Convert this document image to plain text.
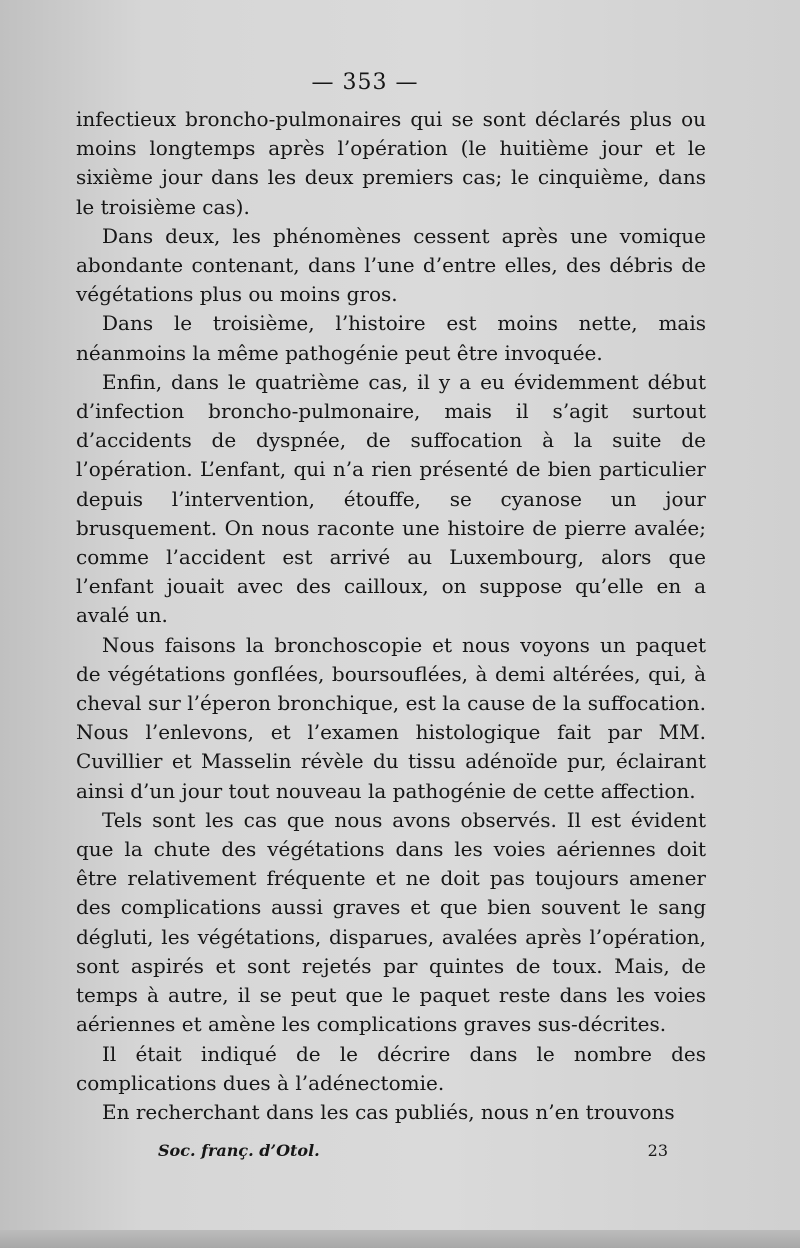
— 353 —

infectieux broncho-pulmonaires qui se sont déclarés plus ou moins longtemps après l’opération (le huitième jour et le sixième jour dans les deux premiers cas; le cinquième, dans le troisième cas).

Dans deux, les phénomènes cessent après une vomique abondante contenant, dans l’une d’entre elles, des débris de végétations plus ou moins gros.

Dans le troisième, l’histoire est moins nette, mais néanmoins la même pathogénie peut être invoquée.

Enfin, dans le quatrième cas, il y a eu évidemment début d’infection broncho-pulmonaire, mais il s’agit surtout d’accidents de dyspnée, de suffocation à la suite de l’opération. L’enfant, qui n’a rien présenté de bien particulier depuis l’intervention, étouffe, se cyanose un jour brusquement. On nous raconte une histoire de pierre avalée; comme l’accident est arrivé au Luxembourg, alors que l’enfant jouait avec des cailloux, on suppose qu’elle en a avalé un.

Nous faisons la bronchoscopie et nous voyons un paquet de végétations gonflées, boursouflées, à demi altérées, qui, à cheval sur l’éperon bronchique, est la cause de la suffocation. Nous l’enlevons, et l’examen histologique fait par MM. Cuvillier et Masselin révèle du tissu adénoïde pur, éclairant ainsi d’un jour tout nouveau la pathogénie de cette affection.

Tels sont les cas que nous avons observés. Il est évident que la chute des végétations dans les voies aériennes doit être relativement fréquente et ne doit pas toujours amener des complications aussi graves et que bien souvent le sang dégluti, les végétations, disparues, avalées après l’opération, sont aspirés et sont rejetés par quintes de toux. Mais, de temps à autre, il se peut que le paquet reste dans les voies aériennes et amène les complications graves sus-décrites.

Il était indiqué de le décrire dans le nombre des complications dues à l’adénectomie.

En recherchant dans les cas publiés, nous n’en trouvons

Soc. franç. d’Otol.	23
